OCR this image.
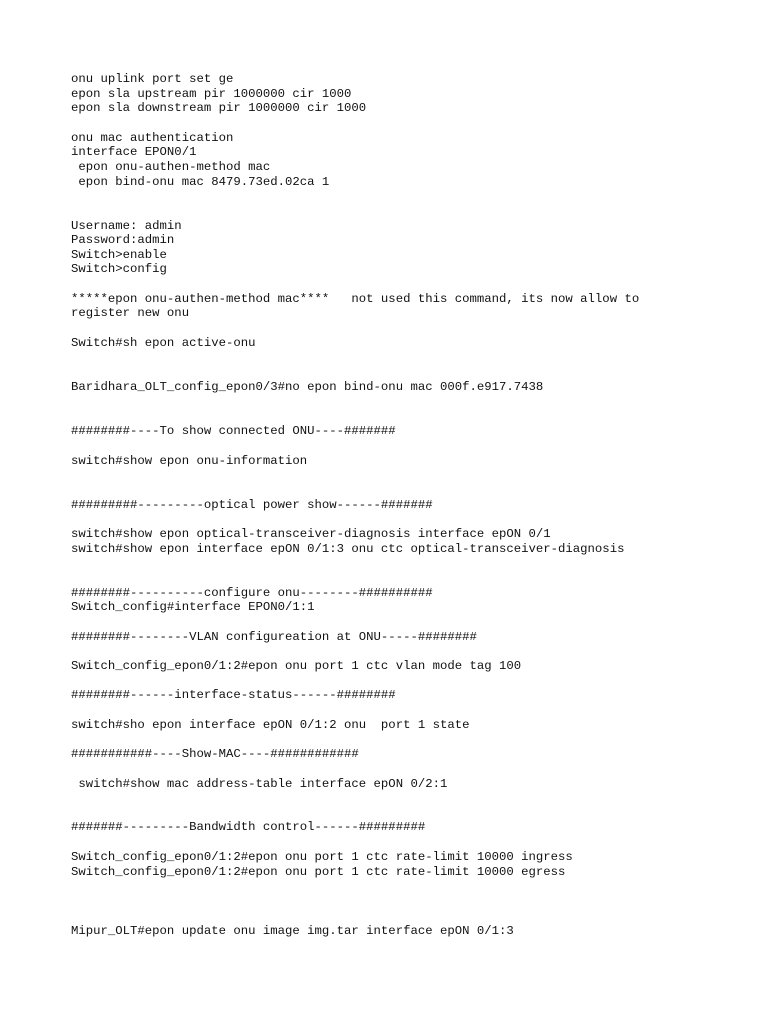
onu uplink port set ge

epon sla upstream pir 1000000 cir 1000

epon sla downstream pir 1000000 cir 1000

onu mac authentication

interface EPON0/1

epon onu-authen-method mac

epon bind-onu mac 8479.73ed.02ca 1

Username: admin

Password:admin

Switch>enable

Switch>config

*****epon onu-authen-method mac****   not used this command, its now allow to

register new onu

Switch#sh epon active-onu

Baridhara_OLT_config_epon0/3#no epon bind-onu mac 000f.e917.7438

########----To show connected ONU----#######

switch#show epon onu-information

#########---------optical power show------#######

switch#show epon optical-transceiver-diagnosis interface epON 0/1

switch#show epon interface epON 0/1:3 onu ctc optical-transceiver-diagnosis

########----------configure onu--------##########

Switch_config#interface EPON0/1:1

########--------VLAN configureation at ONU-----########

Switch_config_epon0/1:2#epon onu port 1 ctc vlan mode tag 100

########------interface-status------########

switch#sho epon interface epON 0/1:2 onu  port 1 state

###########----Show-MAC----############

switch#show mac address-table interface epON 0/2:1

#######---------Bandwidth control------#########

Switch_config_epon0/1:2#epon onu port 1 ctc rate-limit 10000 ingress

Switch_config_epon0/1:2#epon onu port 1 ctc rate-limit 10000 egress

Mipur_OLT#epon update onu image img.tar interface epON 0/1:3
